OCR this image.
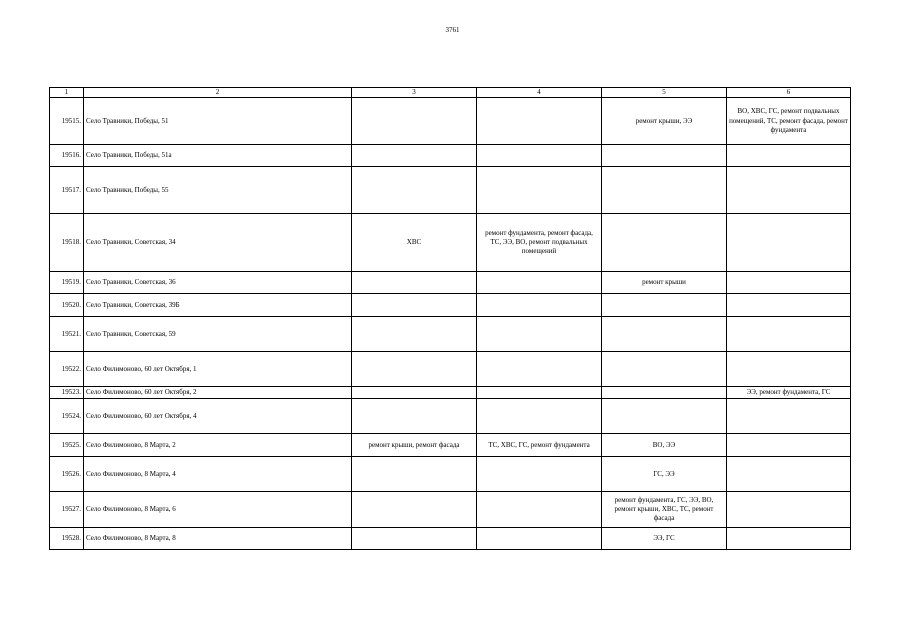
3761
1	2	3	4	5	6
19515.	Село Травники, Победы, 51			ремонт крыши, ЭЭ	ВО, ХВС, ГС, ремонт подвальных помещений, ТС, ремонт фасада, ремонт фундамента
19516.	Село Травники, Победы, 51а				
19517.	Село Травники, Победы, 55				
19518.	Село Травники, Советская, 34	ХВС	ремонт фундамента, ремонт фасада, ТС, ЭЭ, ВО, ремонт подвальных помещений		
19519.	Село Травники, Советская, 36			ремонт крыши	
19520.	Село Травники, Советская, 39Б				
19521.	Село Травники, Советская, 59				
19522.	Село Филимоново, 60 лет Октября, 1				
19523.	Село Филимоново, 60 лет Октября, 2				ЭЭ, ремонт фундамента, ГС
19524.	Село Филимоново, 60 лет Октября, 4				
19525.	Село Филимоново, 8 Марта, 2	ремонт крыши, ремонт фасада	ТС, ХВС, ГС, ремонт фундамента	ВО, ЭЭ	
19526.	Село Филимоново, 8 Марта, 4			ГС, ЭЭ	
19527.	Село Филимоново, 8 Марта, 6			ремонт фундамента, ГС, ЭЭ, ВО, ремонт крыши, ХВС, ТС, ремонт фасада	
19528.	Село Филимоново, 8 Марта, 8			ЭЭ, ГС	
